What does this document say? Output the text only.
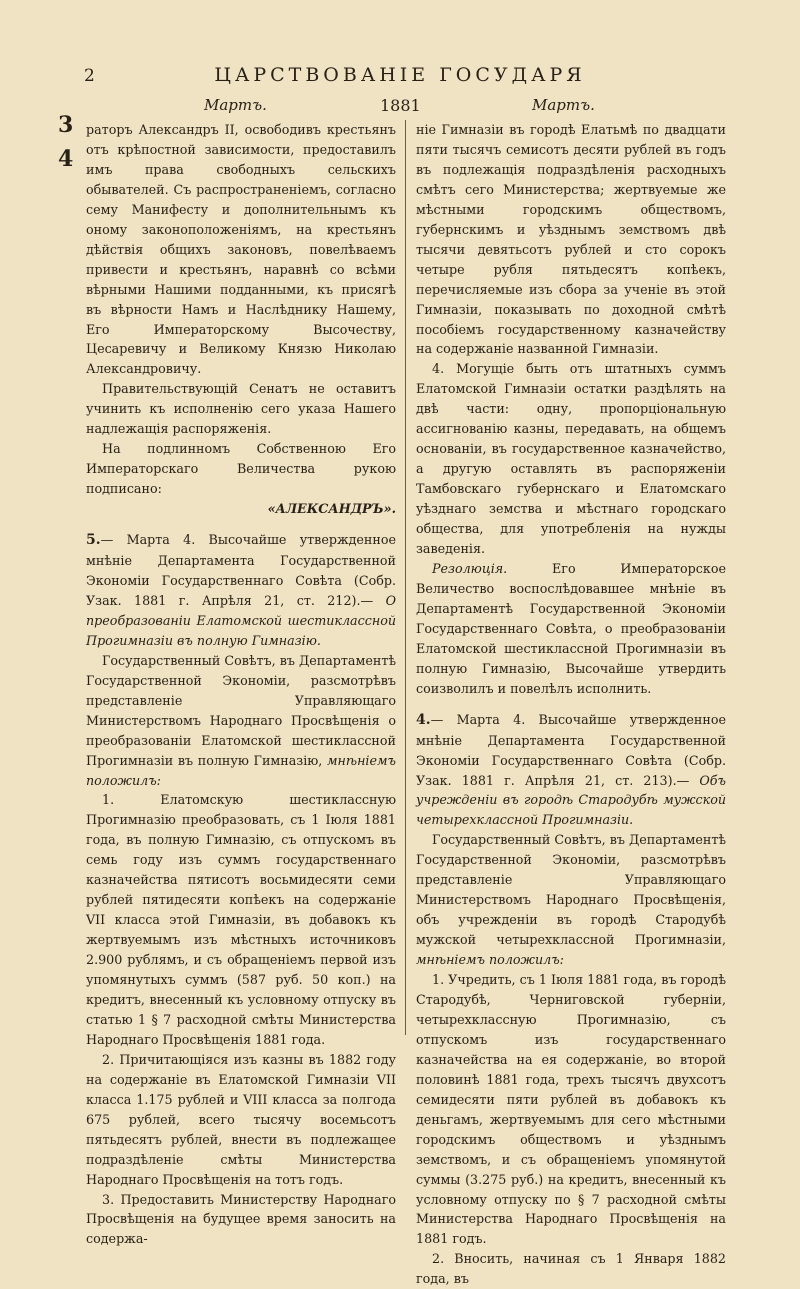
2	ЦАРСТВОВАНІЕ ГОСУДАРЯ
Мартъ.	1881	Мартъ.
3
4

раторъ Александръ II, освободивъ крестьянъ отъ крѣпостной зависимости, предоставилъ имъ права свободныхъ сельскихъ обывателей. Съ распространеніемъ, согласно сему Манифесту и дополнительнымъ къ оному законоположеніямъ, на крестьянъ дѣйствія общихъ законовъ, повелѣваемъ привести и крестьянъ, наравнѣ со всѣми вѣрными Нашими подданными, къ присягѣ въ вѣрности Намъ и Наслѣднику Нашему, Его Императорскому Высочеству, Цесаревичу и Великому Князю Николаю Александровичу.

Правительствующій Сенатъ не оставитъ учинить къ исполненію сего указа Нашего надлежащія распоряженія.

На подлинномъ Собственною Его Императорскаго Величества рукою подписано:

«АЛЕКСАНДРЪ».

5.— Марта 4. Высочайше утвержденное мнѣніе Департамента Государственной Экономіи Государственнаго Совѣта (Собр. Узак. 1881 г. Апрѣля 21, ст. 212).— О преобразованіи Елатомской шестиклассной Прогимназіи въ полную Гимназію.

Государственный Совѣтъ, въ Департаментѣ Государственной Экономіи, разсмотрѣвъ представленіе Управляющаго Министерствомъ Народнаго Просвѣщенія о преобразованіи Елатомской шестиклассной Прогимназіи въ полную Гимназію, мнѣніемъ положилъ:

1. Елатомскую шестиклассную Прогимназію преобразовать, съ 1 Іюля 1881 года, въ полную Гимназію, съ отпускомъ въ семь году изъ суммъ государственнаго казначейства пятисотъ восьмидесяти семи рублей пятидесяти копѣекъ на содержаніе VII класса этой Гимназіи, въ добавокъ къ жертвуемымъ изъ мѣстныхъ источниковъ 2.900 рублямъ, и съ обращеніемъ первой изъ упомянутыхъ суммъ (587 руб. 50 коп.) на кредитъ, внесенный къ условному отпуску въ статью 1 § 7 расходной смѣты Министерства Народнаго Просвѣщенія 1881 года.

2. Причитающіяся изъ казны въ 1882 году на содержаніе въ Елатомской Гимназіи VII класса 1.175 рублей и VIII класса за полгода 675 рублей, всего тысячу восемьсотъ пятьдесятъ рублей, внести въ подлежащее подраздѣленіе смѣты Министерства Народнаго Просвѣщенія на тотъ годъ.

3. Предоставить Министерству Народнаго Просвѣщенія на будущее время заносить на содержа-

ніе Гимназіи въ городѣ Елатьмѣ по двадцати пяти тысячъ семисотъ десяти рублей въ годъ въ подлежащія подраздѣленія расходныхъ смѣтъ сего Министерства; жертвуемые же мѣстными городскимъ обществомъ, губернскимъ и уѣзднымъ земствомъ двѣ тысячи девятьсотъ рублей и сто сорокъ четыре рубля пятьдесятъ копѣекъ, перечисляемые изъ сбора за ученіе въ этой Гимназіи, показывать по доходной смѣтѣ пособіемъ государственному казначейству на содержаніе названной Гимназіи.

4. Могущіе быть отъ штатныхъ суммъ Елатомской Гимназіи остатки раздѣлять на двѣ части: одну, пропорціональную ассигнованію казны, передавать, на общемъ основаніи, въ государственное казначейство, а другую оставлять въ распоряженіи Тамбовскаго губернскаго и Елатомскаго уѣзднаго земства и мѣстнаго городскаго общества, для употребленія на нужды заведенія.

Резолюція.	Его Императорское Величество воспослѣдовавшее мнѣніе въ Департаментѣ Государственной Экономіи Государственнаго Совѣта, о преобразованіи Елатомской шестиклассной Прогимназіи въ полную Гимназію, Высочайше утвердить соизволилъ и повелѣлъ исполнить.

4.— Марта 4. Высочайше утвержденное мнѣніе Департамента Государственной Экономіи Государственнаго Совѣта (Собр. Узак. 1881 г. Апрѣля 21, ст. 213).— Объ учрежденіи въ городѣ Стародубѣ мужской четырехклассной Прогимназіи.

Государственный Совѣтъ, въ Департаментѣ Государственной Экономіи, разсмотрѣвъ представленіе Управляющаго Министерствомъ Народнаго Просвѣщенія, объ учрежденіи въ городѣ Стародубѣ мужской четырехклассной Прогимназіи, мнѣніемъ положилъ:

1. Учредить, съ 1 Іюля 1881 года, въ городѣ Стародубѣ, Черниговской губерніи, четырехклассную Прогимназію, съ отпускомъ изъ государственнаго казначейства на ея содержаніе, во второй половинѣ 1881 года, трехъ тысячъ двухсотъ семидесяти пяти рублей въ добавокъ къ деньгамъ, жертвуемымъ для сего мѣстными городскимъ обществомъ и уѣзднымъ земствомъ, и съ обращеніемъ упомянутой суммы (3.275 руб.) на кредитъ, внесенный къ условному отпуску по § 7 расходной смѣты Министерства Народнаго Просвѣщенія на 1881 годъ.

2. Вносить, начиная съ 1 Января 1882 года, въ
